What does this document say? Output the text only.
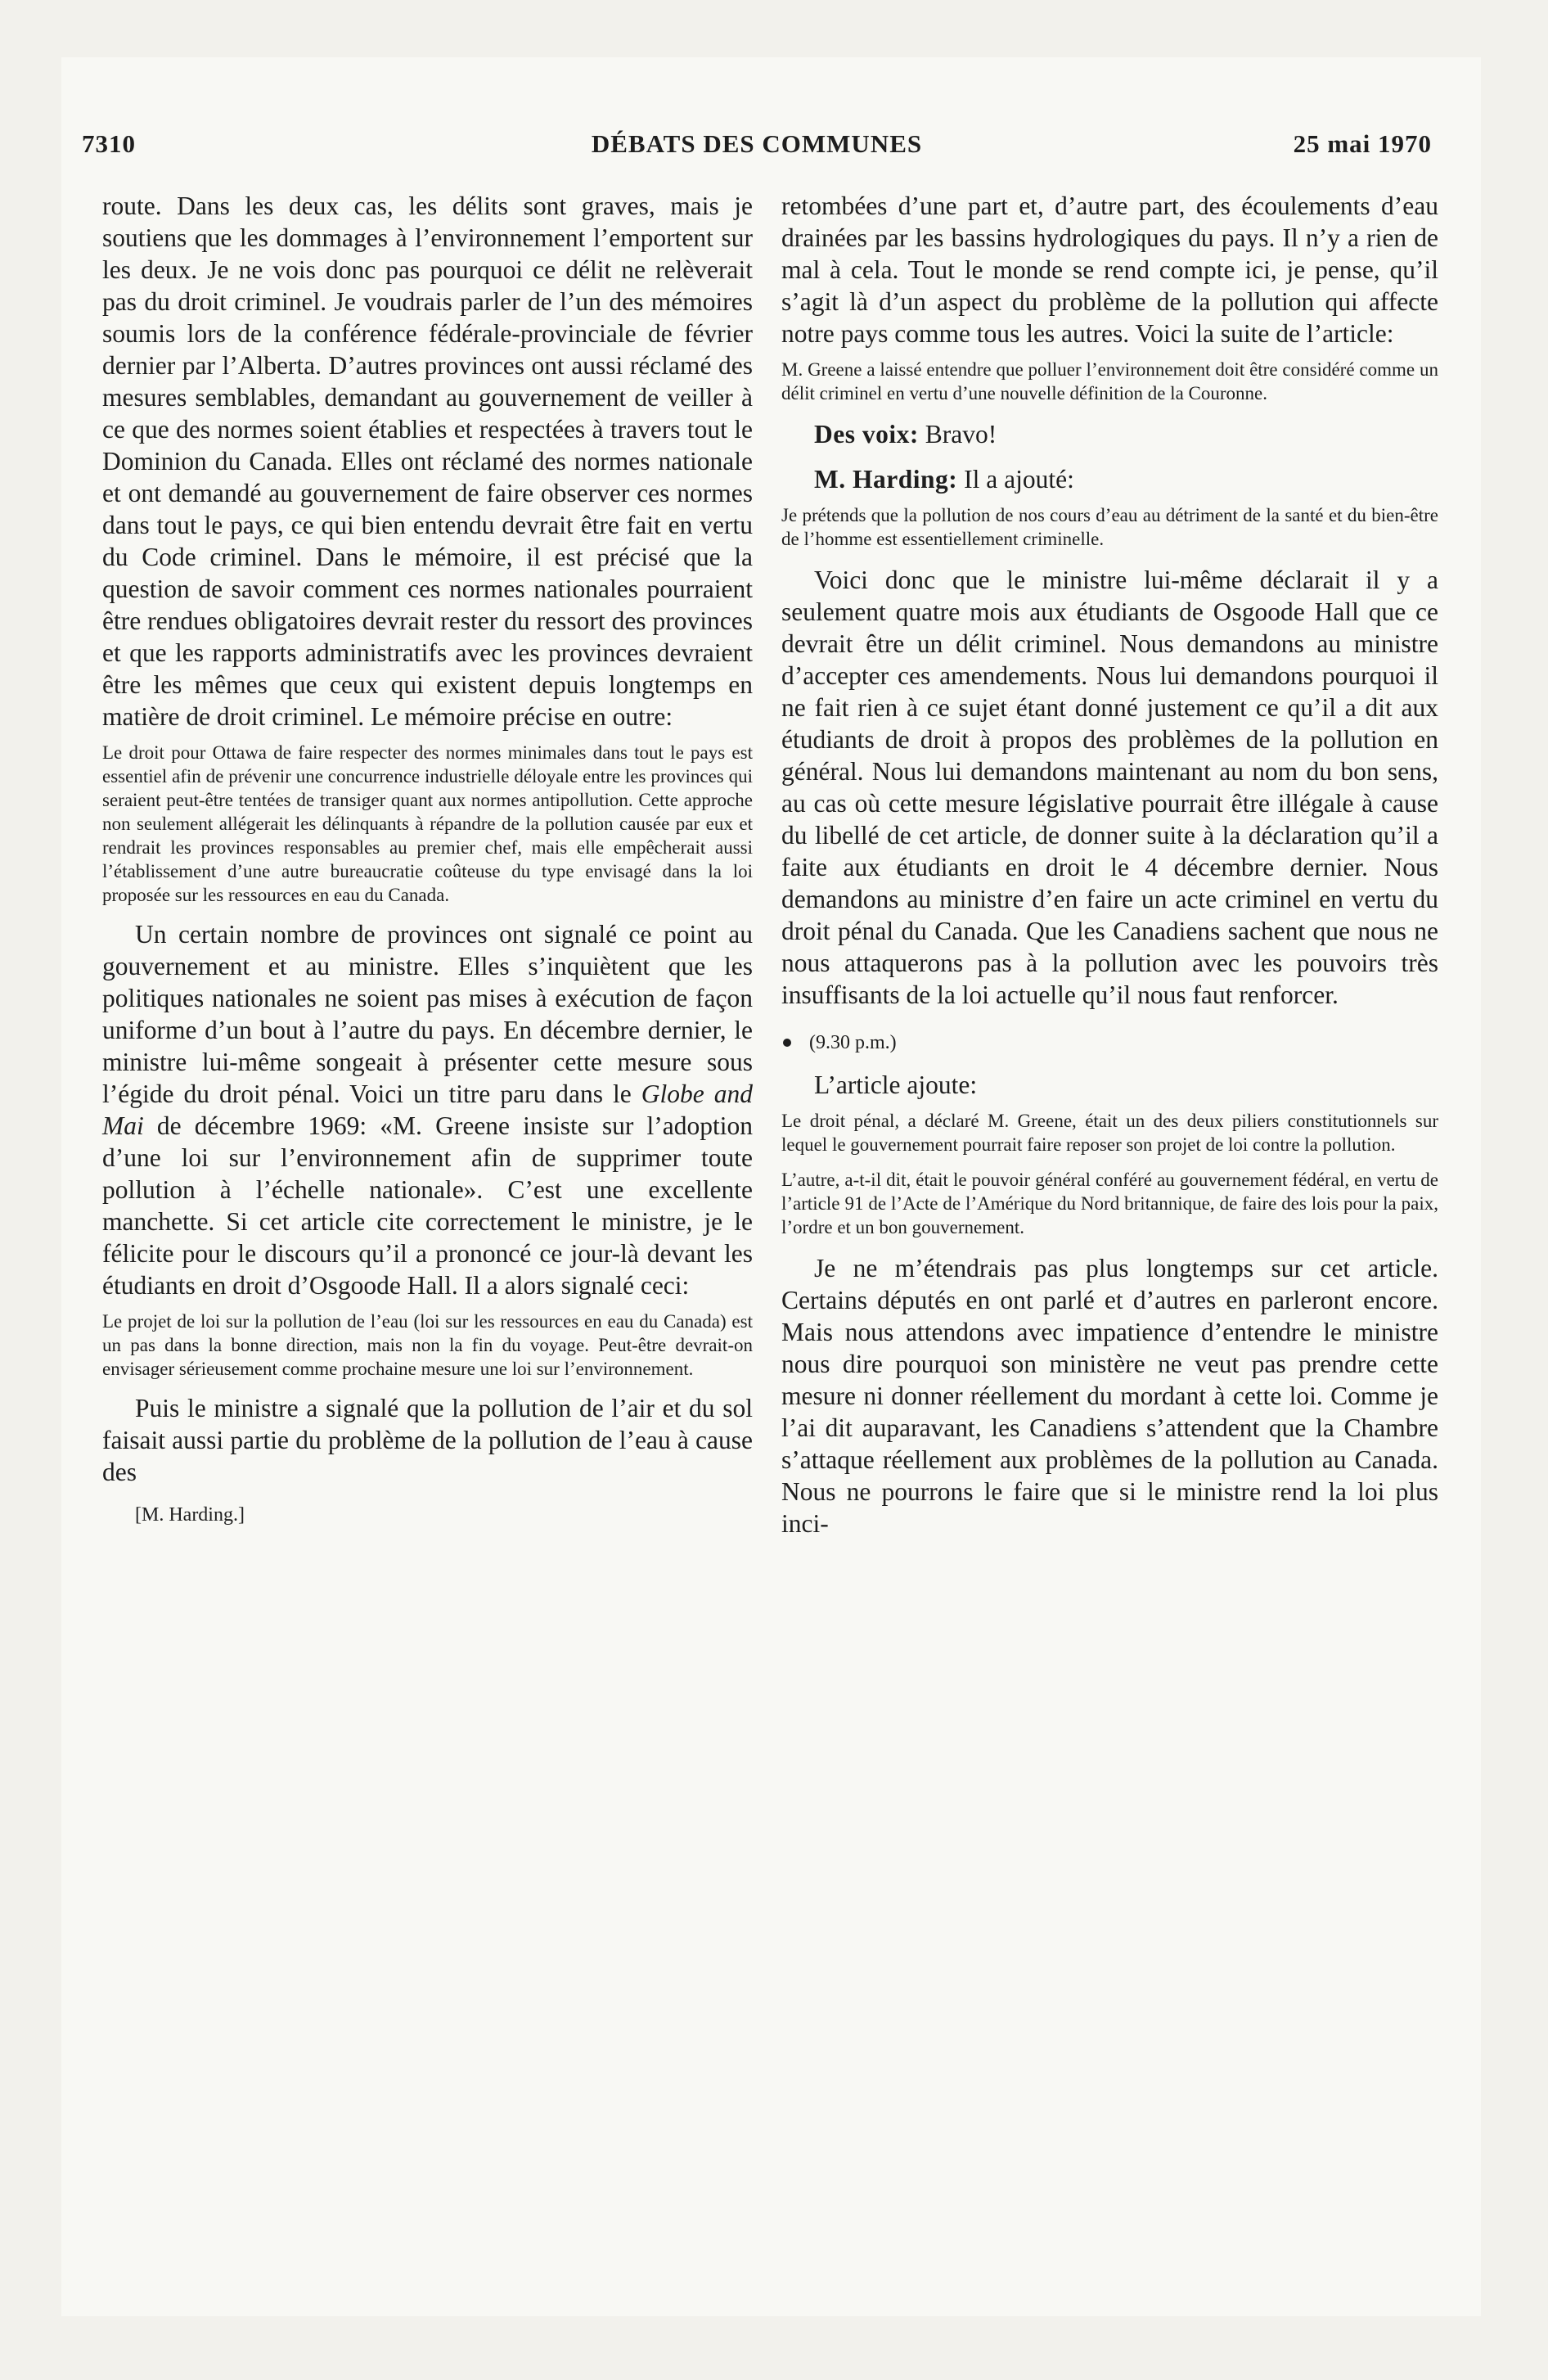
7310	DÉBATS DES COMMUNES	25 mai 1970

route. Dans les deux cas, les délits sont graves, mais je soutiens que les dommages à l’environnement l’emportent sur les deux. Je ne vois donc pas pourquoi ce délit ne relèverait pas du droit criminel. Je voudrais parler de l’un des mémoires soumis lors de la conférence fédérale-provinciale de février dernier par l’Alberta. D’autres provinces ont aussi réclamé des mesures semblables, demandant au gouvernement de veiller à ce que des normes soient établies et respectées à travers tout le Dominion du Canada. Elles ont réclamé des normes nationale et ont demandé au gouvernement de faire observer ces normes dans tout le pays, ce qui bien entendu devrait être fait en vertu du Code criminel. Dans le mémoire, il est précisé que la question de savoir comment ces normes nationales pourraient être rendues obligatoires devrait rester du ressort des provinces et que les rapports administratifs avec les provinces devraient être les mêmes que ceux qui existent depuis longtemps en matière de droit criminel. Le mémoire précise en outre:

Le droit pour Ottawa de faire respecter des normes minimales dans tout le pays est essentiel afin de prévenir une concurrence industrielle déloyale entre les provinces qui seraient peut-être tentées de transiger quant aux normes antipollution. Cette approche non seulement allégerait les délinquants à répandre de la pollution causée par eux et rendrait les provinces responsables au premier chef, mais elle empêcherait aussi l’établissement d’une autre bureaucratie coûteuse du type envisagé dans la loi proposée sur les ressources en eau du Canada.

Un certain nombre de provinces ont signalé ce point au gouvernement et au ministre. Elles s’inquiètent que les politiques nationales ne soient pas mises à exécution de façon uniforme d’un bout à l’autre du pays. En décembre dernier, le ministre lui-même songeait à présenter cette mesure sous l’égide du droit pénal. Voici un titre paru dans le Globe and Mai de décembre 1969: «M. Greene insiste sur l’adoption d’une loi sur l’environnement afin de supprimer toute pollution à l’échelle nationale». C’est une excellente manchette. Si cet article cite correctement le ministre, je le félicite pour le discours qu’il a prononcé ce jour-là devant les étudiants en droit d’Osgoode Hall. Il a alors signalé ceci:

Le projet de loi sur la pollution de l’eau (loi sur les ressources en eau du Canada) est un pas dans la bonne direction, mais non la fin du voyage. Peut-être devrait-on envisager sérieusement comme prochaine mesure une loi sur l’environnement.

Puis le ministre a signalé que la pollution de l’air et du sol faisait aussi partie du problème de la pollution de l’eau à cause des

[M. Harding.]

retombées d’une part et, d’autre part, des écoulements d’eau drainées par les bassins hydrologiques du pays. Il n’y a rien de mal à cela. Tout le monde se rend compte ici, je pense, qu’il s’agit là d’un aspect du problème de la pollution qui affecte notre pays comme tous les autres. Voici la suite de l’article:

M. Greene a laissé entendre que polluer l’environnement doit être considéré comme un délit criminel en vertu d’une nouvelle définition de la Couronne.

Des voix: Bravo!

M. Harding: Il a ajouté:

Je prétends que la pollution de nos cours d’eau au détriment de la santé et du bien-être de l’homme est essentiellement criminelle.

Voici donc que le ministre lui-même déclarait il y a seulement quatre mois aux étudiants de Osgoode Hall que ce devrait être un délit criminel. Nous demandons au ministre d’accepter ces amendements. Nous lui demandons pourquoi il ne fait rien à ce sujet étant donné justement ce qu’il a dit aux étudiants de droit à propos des problèmes de la pollution en général. Nous lui demandons maintenant au nom du bon sens, au cas où cette mesure législative pourrait être illégale à cause du libellé de cet article, de donner suite à la déclaration qu’il a faite aux étudiants en droit le 4 décembre dernier. Nous demandons au ministre d’en faire un acte criminel en vertu du droit pénal du Canada. Que les Canadiens sachent que nous ne nous attaquerons pas à la pollution avec les pouvoirs très insuffisants de la loi actuelle qu’il nous faut renforcer.

(9.30 p.m.)

L’article ajoute:

Le droit pénal, a déclaré M. Greene, était un des deux piliers constitutionnels sur lequel le gouvernement pourrait faire reposer son projet de loi contre la pollution.

L’autre, a-t-il dit, était le pouvoir général conféré au gouvernement fédéral, en vertu de l’article 91 de l’Acte de l’Amérique du Nord britannique, de faire des lois pour la paix, l’ordre et un bon gouvernement.

Je ne m’étendrais pas plus longtemps sur cet article. Certains députés en ont parlé et d’autres en parleront encore. Mais nous attendons avec impatience d’entendre le ministre nous dire pourquoi son ministère ne veut pas prendre cette mesure ni donner réellement du mordant à cette loi. Comme je l’ai dit auparavant, les Canadiens s’attendent que la Chambre s’attaque réellement aux problèmes de la pollution au Canada. Nous ne pourrons le faire que si le ministre rend la loi plus inci-
